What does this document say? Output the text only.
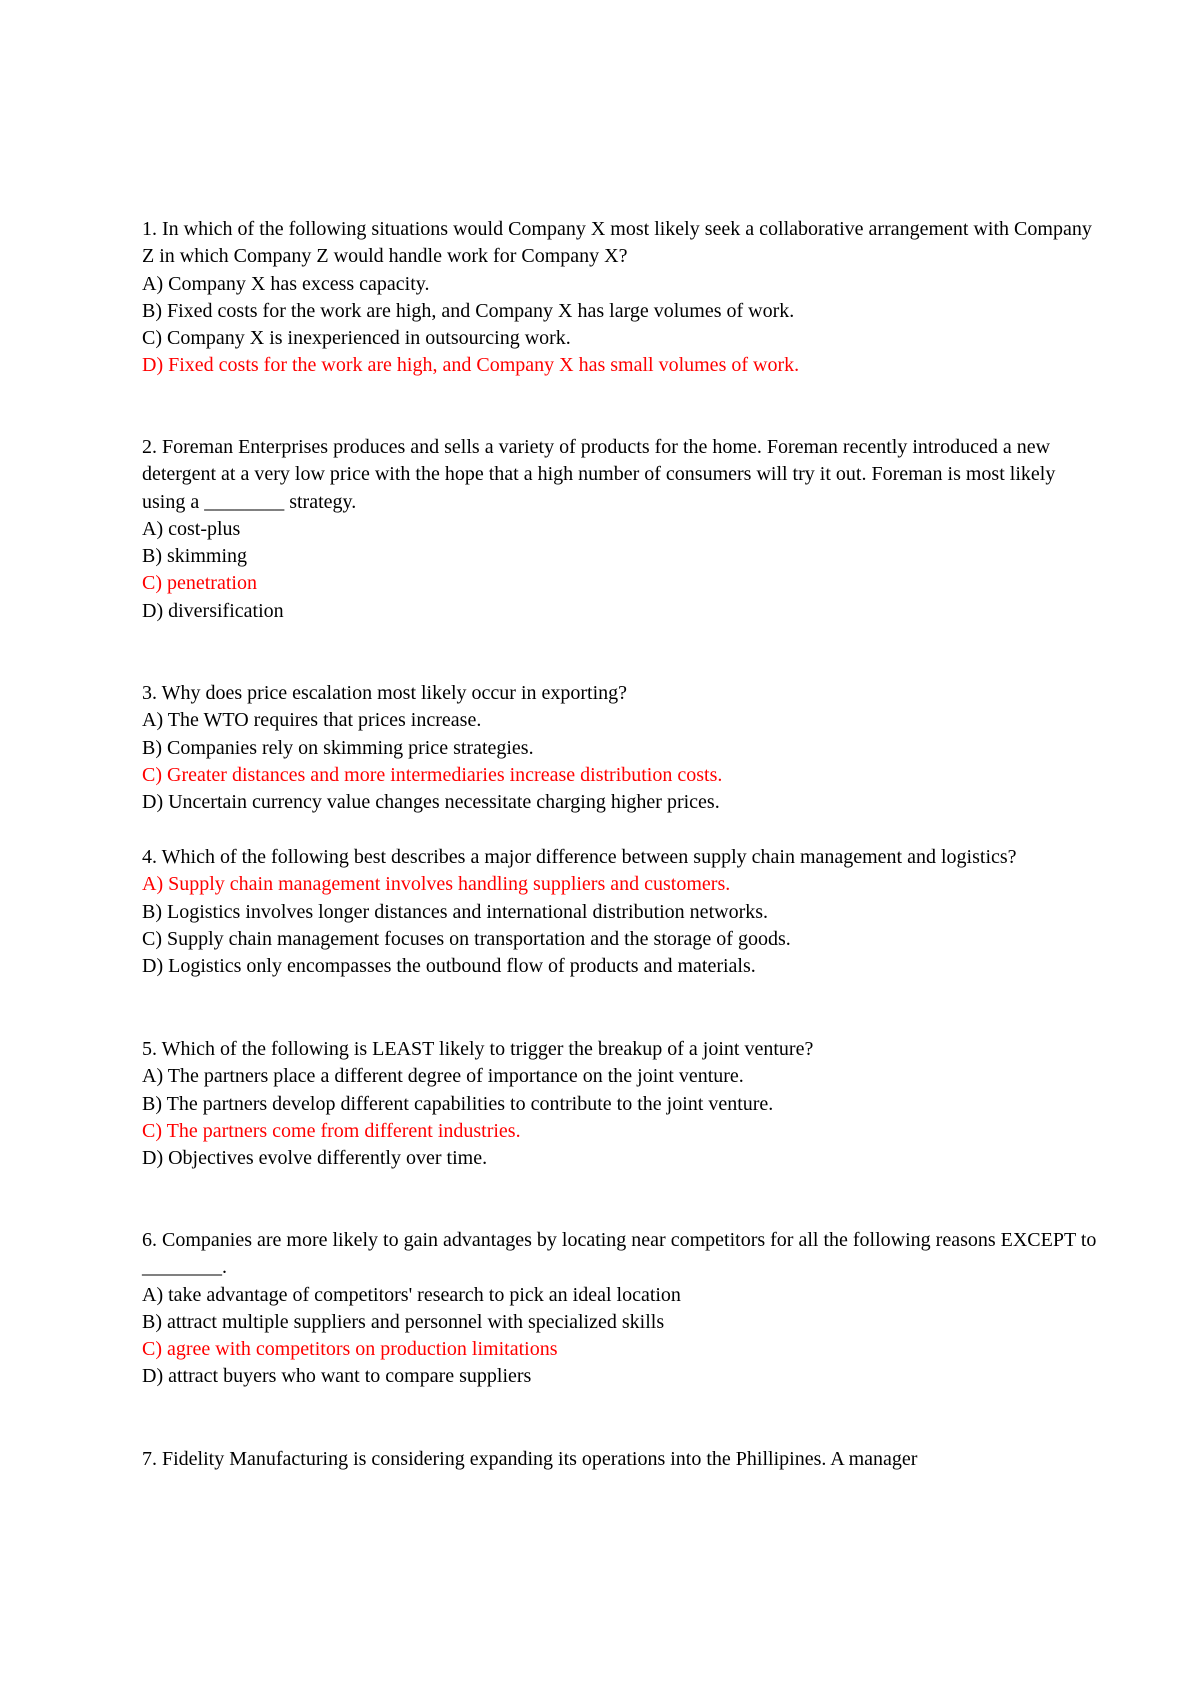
1. In which of the following situations would Company X most likely seek a collaborative arrangement with Company Z in which Company Z would handle work for Company X?

A) Company X has excess capacity.

B) Fixed costs for the work are high, and Company X has large volumes of work.

C) Company X is inexperienced in outsourcing work.

D) Fixed costs for the work are high, and Company X has small volumes of work.

2. Foreman Enterprises produces and sells a variety of products for the home. Foreman recently introduced a new detergent at a very low price with the hope that a high number of consumers will try it out. Foreman is most likely using a ________ strategy.

A) cost-plus

B) skimming

C) penetration

D) diversification

3. Why does price escalation most likely occur in exporting?

A) The WTO requires that prices increase.

B) Companies rely on skimming price strategies.

C) Greater distances and more intermediaries increase distribution costs.

D) Uncertain currency value changes necessitate charging higher prices.

4. Which of the following best describes a major difference between supply chain management and logistics?

A) Supply chain management involves handling suppliers and customers.

B) Logistics involves longer distances and international distribution networks.

C) Supply chain management focuses on transportation and the storage of goods.

D) Logistics only encompasses the outbound flow of products and materials.

5. Which of the following is LEAST likely to trigger the breakup of a joint venture?

A) The partners place a different degree of importance on the joint venture.

B) The partners develop different capabilities to contribute to the joint venture.

C) The partners come from different industries.

D) Objectives evolve differently over time.

6. Companies are more likely to gain advantages by locating near competitors for all the following reasons EXCEPT to ________.

A) take advantage of competitors' research to pick an ideal location

B) attract multiple suppliers and personnel with specialized skills

C) agree with competitors on production limitations

D) attract buyers who want to compare suppliers

7. Fidelity Manufacturing is considering expanding its operations into the Phillipines. A manager
